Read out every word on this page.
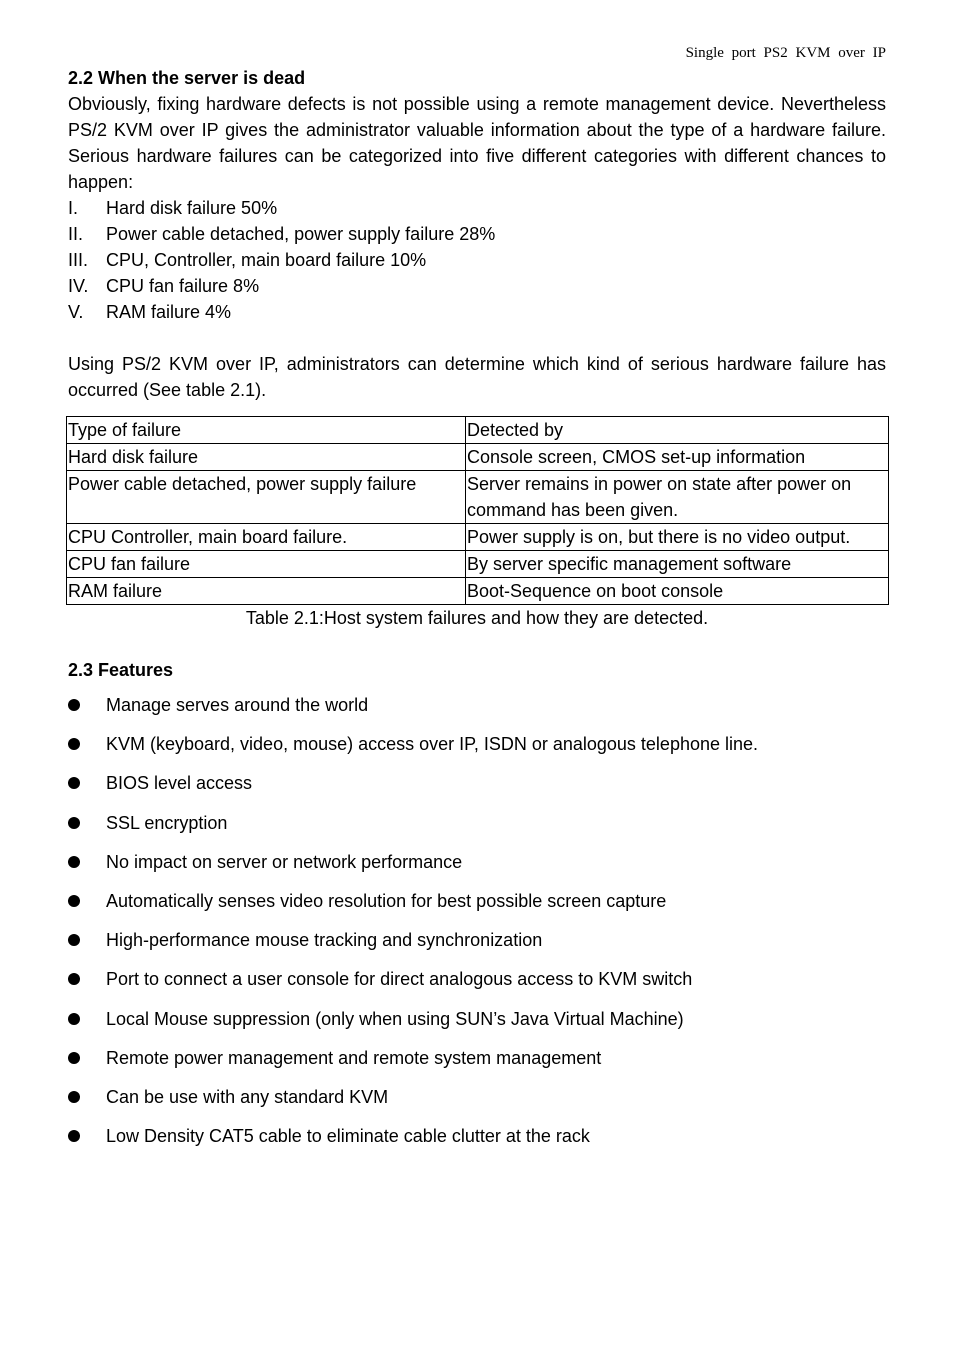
Single port PS2 KVM over IP

2.2 When the server is dead

Obviously, fixing hardware defects is not possible using a remote management device. Nevertheless PS/2 KVM over IP gives the administrator valuable information about the type of a hardware failure. Serious hardware failures can be categorized into five different categories with different chances to happen:

I.	Hard disk failure 50%
II.	Power cable detached, power supply failure 28%
III. CPU, Controller, main board failure 10%
IV. CPU fan failure 8%
V.	RAM failure 4%

Using PS/2 KVM over IP, administrators can determine which kind of serious hardware failure has occurred (See table 2.1).

Type of failure	Detected by
Hard disk failure	Console screen, CMOS set-up information
Power cable detached, power supply failure	Server remains in power on state after power on command has been given.
CPU Controller, main board failure.	Power supply is on, but there is no video output.
CPU fan failure	By server specific management software
RAM failure	Boot-Sequence on boot console

Table 2.1:Host system failures and how they are detected.

2.3 Features

Manage serves around the world
KVM (keyboard, video, mouse) access over IP, ISDN or analogous telephone line.
BIOS level access
SSL encryption
No impact on server or network performance
Automatically senses video resolution for best possible screen capture
High-performance mouse tracking and synchronization
Port to connect a user console for direct analogous access to KVM switch
Local Mouse suppression (only when using SUN’s Java Virtual Machine)
Remote power management and remote system management
Can be use with any standard KVM
Low Density CAT5 cable to eliminate cable clutter at the rack
